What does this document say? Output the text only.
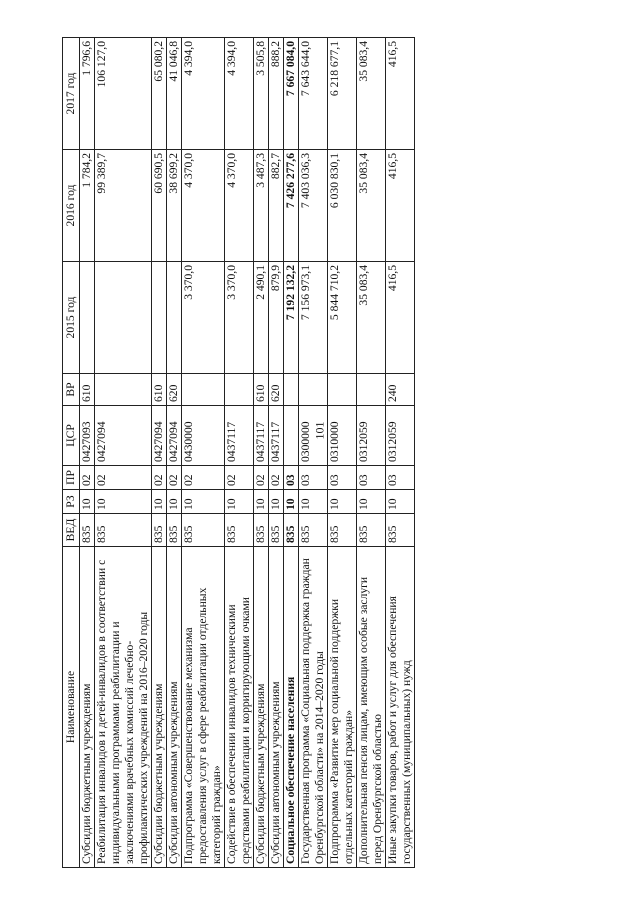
101
Наименование	ВЕД	РЗ	ПР	ЦСР	ВР	2015 год	2016 год	2017 год
Субсидии бюджетным учреждениям	835	10	02	0427093	610		1 784,2	1 796,6
Реабилитация инвалидов и детей-инвалидов в соответствии с индивидуальными программами реабилитации и заключениями врачебных комиссий лечебно-профилактических учреждений на 2016–2020 годы	835	10	02	0427094			99 389,7	106 127,0
Субсидии бюджетным учреждениям	835	10	02	0427094	610		60 690,5	65 080,2
Субсидии автономным учреждениям	835	10	02	0427094	620		38 699,2	41 046,8
Подпрограмма «Совершенствование механизма предоставления услуг в сфере реабилитации отдельных категорий граждан»	835	10	02	0430000		3 370,0	4 370,0	4 394,0
Содействие в обеспечении инвалидов техническими средствами реабилитации и корригирующими очками	835	10	02	0437117		3 370,0	4 370,0	4 394,0
Субсидии бюджетным учреждениям	835	10	02	0437117	610	2 490,1	3 487,3	3 505,8
Субсидии автономным учреждениям	835	10	02	0437117	620	879,9	882,7	888,2
Социальное обеспечение населения	835	10	03			7 192 132,2	7 426 277,6	7 667 084,0
Государственная программа «Социальная поддержка граждан Оренбургской области» на 2014–2020 годы	835	10	03	0300000		7 156 973,1	7 403 036,3	7 643 644,0
Подпрограмма «Развитие мер социальной поддержки отдельных категорий граждан»	835	10	03	0310000		5 844 710,2	6 030 830,1	6 218 677,1
Дополнительная пенсия лицам, имеющим особые заслуги перед Оренбургской областью	835	10	03	0312059		35 083,4	35 083,4	35 083,4
Иные закупки товаров, работ и услуг для обеспечения государственных (муниципальных) нужд	835	10	03	0312059	240	416,5	416,5	416,5
